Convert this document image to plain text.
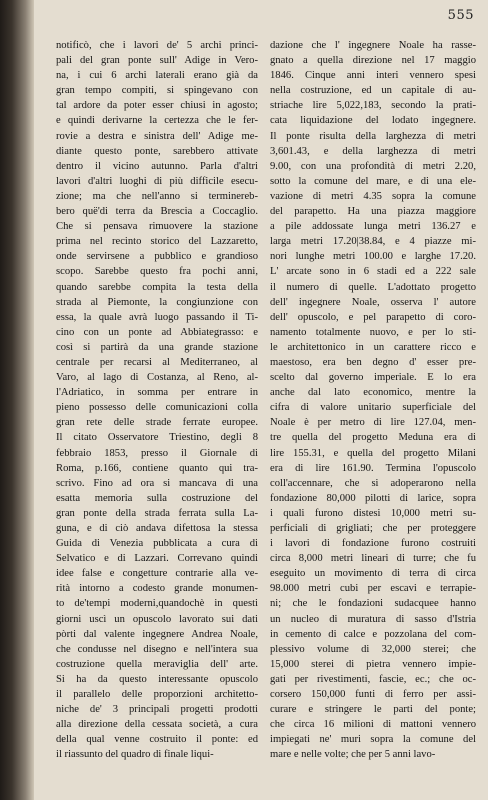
555
notificò, che i lavori de' 5 archi princi-
pali del gran ponte sull' Adige in Vero-
na, i cui 6 archi laterali erano già da
gran tempo compiti, si spingevano con
tal ardore da poter esser chiusi in agosto;
e quindi derivarne la certezza che le fer-
rovie a destra e sinistra dell' Adige me-
diante questo ponte, sarebbero attivate
dentro il vicino autunno. Parla d'altri
lavori d'altri luoghi di più difficile esecu-
zione; ma che nell'anno si terminereb-
bero quë'di terra da Brescia a Coccaglio.
Che si pensava rimuovere la stazione
prima nel recinto storico del Lazzaretto,
onde servirsene a pubblico e grandioso
scopo. Sarebbe questo fra pochi anni,
quando sarebbe compita la testa della
strada al Piemonte, la congiunzione con
essa, la quale avrà luogo passando il Ti-
cino con un ponte ad Abbiategrasso: e
così si partirà da una grande stazione
centrale per recarsi al Mediterraneo, al
Varo, al lago di Costanza, al Reno, al-
l'Adriatico, in somma per entrare in
pieno possesso delle comunicazioni colla
gran rete delle strade ferrate europee.
Il citato Osservatore Triestino, degli 8
febbraio 1853, presso il Giornale di
Roma, p.166, contiene quanto qui tra-
scrivo. Fino ad ora si mancava di una
esatta memoria sulla costruzione del
gran ponte della strada ferrata sulla La-
guna, e di ciò andava difettosa la stessa
Guida di Venezia pubblicata a cura di
Selvatico e di Lazzari. Correvano quindi
idee false e congetture contrarie alla ve-
rità intorno a codesto grande monumen-
to de'tempi moderni,quandochè in questi
giorni uscì un opuscolo lavorato sui dati
pòrti dal valente ingegnere Andrea Noale,
che condusse nel disegno e nell'intera sua
costruzione quella meraviglia dell' arte.
Si ha da questo interessante opuscolo
il parallelo delle proporzioni architetto-
niche de' 3 principali progetti prodotti
alla direzione della cessata società, a cura
della qual venne costruito il ponte: ed
il riassunto del quadro di finale liqui-
dazione che l' ingegnere Noale ha rasse-
gnato a quella direzione nel 17 maggio
1846. Cinque anni interi vennero spesi
nella costruzione, ed un capitale di au-
striache lire 5,022,183, secondo la prati-
cata liquidazione del lodato ingegnere.
Il ponte risulta della larghezza di metri
3,601.43, e della larghezza di metri
9.00, con una profondità di metri 2.20,
sotto la comune del mare, e di una ele-
vazione di metri 4.35 sopra la comune
del parapetto. Ha una piazza maggiore
a pile addossate lunga metri 136.27 e
larga metri 17.20|38.84, e 4 piazze mi-
nori lunghe metri 100.00 e larghe 17.20.
L' arcate sono in 6 stadi ed a 222 sale
il numero di quelle. L'adottato progetto
dell' ingegnere Noale, osserva l' autore
dell' opuscolo, e pel parapetto di coro-
namento totalmente nuovo, e per lo sti-
le architettonico in un carattere ricco e
maestoso, era ben degno d' esser pre-
scelto dal governo imperiale. E lo era
anche dal lato economico, mentre la
cifra di valore unitario superficiale del
Noale è per metro di lire 127.04, men-
tre quella del progetto Meduna era di
lire 155.31, e quella del progetto Milani
era di lire 161.90. Termina l'opuscolo
coll'accennare, che si adoperarono nella
fondazione 80,000 pilotti di larice, sopra
i quali furono distesi 10,000 metri su-
perficiali di grigliati; che per proteggere
i lavori di fondazione furono costruiti
circa 8,000 metri lineari di turre; che fu
eseguito un movimento di terra di circa
98.000 metri cubi per escavi e terrapie-
ni; che le fondazioni sudacquee hanno
un nucleo di muratura di sasso d'Istria
in cemento di calce e pozzolana del com-
plessivo volume di 32,000 sterei; che
15,000 sterei di pietra vennero impie-
gati per rivestimenti, fascie, ec.; che oc-
corsero 150,000 funti di ferro per assi-
curare e stringere le parti del ponte;
che circa 16 milioni di mattoni vennero
impiegati ne' muri sopra la comune del
mare e nelle volte; che per 5 anni lavo-
